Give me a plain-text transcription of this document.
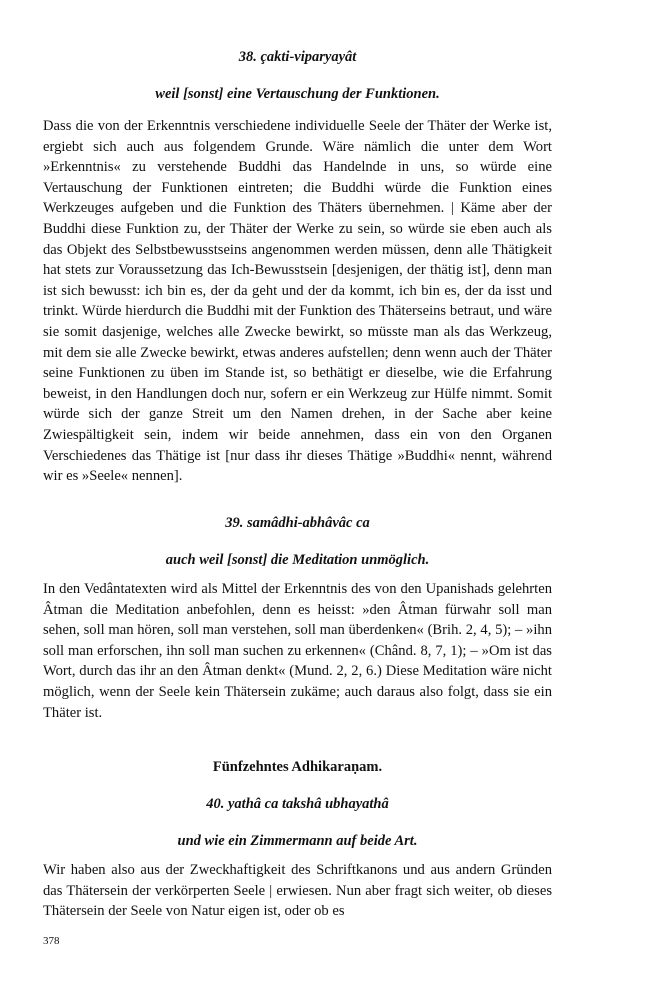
38. çakti-viparyayât
weil [sonst] eine Vertauschung der Funktionen.
Dass die von der Erkenntnis verschiedene individuelle Seele der Thäter der Werke ist, ergiebt sich auch aus folgendem Grunde. Wäre nämlich die unter dem Wort »Erkenntnis« zu verstehende Buddhi das Handelnde in uns, so würde eine Vertauschung der Funktionen eintreten; die Buddhi würde die Funktion eines Werkzeuges aufgeben und die Funktion des Thäters übernehmen. | Käme aber der Buddhi diese Funktion zu, der Thäter der Werke zu sein, so würde sie eben auch als das Objekt des Selbstbewusstseins angenommen werden müssen, denn alle Thätigkeit hat stets zur Voraussetzung das Ich-Bewusstsein [desjenigen, der thätig ist], denn man ist sich bewusst: ich bin es, der da geht und der da kommt, ich bin es, der da isst und trinkt. Würde hierdurch die Buddhi mit der Funktion des Thäterseins betraut, und wäre sie somit dasjenige, welches alle Zwecke bewirkt, so müsste man als das Werkzeug, mit dem sie alle Zwecke bewirkt, etwas anderes aufstellen; denn wenn auch der Thäter seine Funktionen zu üben im Stande ist, so bethätigt er dieselbe, wie die Erfahrung beweist, in den Handlungen doch nur, sofern er ein Werkzeug zur Hülfe nimmt. Somit würde sich der ganze Streit um den Namen drehen, in der Sache aber keine Zwiespältigkeit sein, indem wir beide annehmen, dass ein von den Organen Verschiedenes das Thätige ist [nur dass ihr dieses Thätige »Buddhi« nennt, während wir es »Seele« nennen].
39. samâdhi-abhâvâc ca
auch weil [sonst] die Meditation unmöglich.
In den Vedântatexten wird als Mittel der Erkenntnis des von den Upanishads gelehrten Âtman die Meditation anbefohlen, denn es heisst: »den Âtman fürwahr soll man sehen, soll man hören, soll man verstehen, soll man überdenken« (Brih. 2, 4, 5); – »ihn soll man erforschen, ihn soll man suchen zu erkennen« (Chând. 8, 7, 1); – »Om ist das Wort, durch das ihr an den Âtman denkt« (Mund. 2, 2, 6.) Diese Meditation wäre nicht möglich, wenn der Seele kein Thätersein zukäme; auch daraus also folgt, dass sie ein Thäter ist.
Fünfzehntes Adhikaraṇam.
40. yathâ ca takshâ ubhayathâ
und wie ein Zimmermann auf beide Art.
Wir haben also aus der Zweckhaftigkeit des Schriftkanons und aus andern Gründen das Thätersein der verkörperten Seele | erwiesen. Nun aber fragt sich weiter, ob dieses Thätersein der Seele von Natur eigen ist, oder ob es
378
